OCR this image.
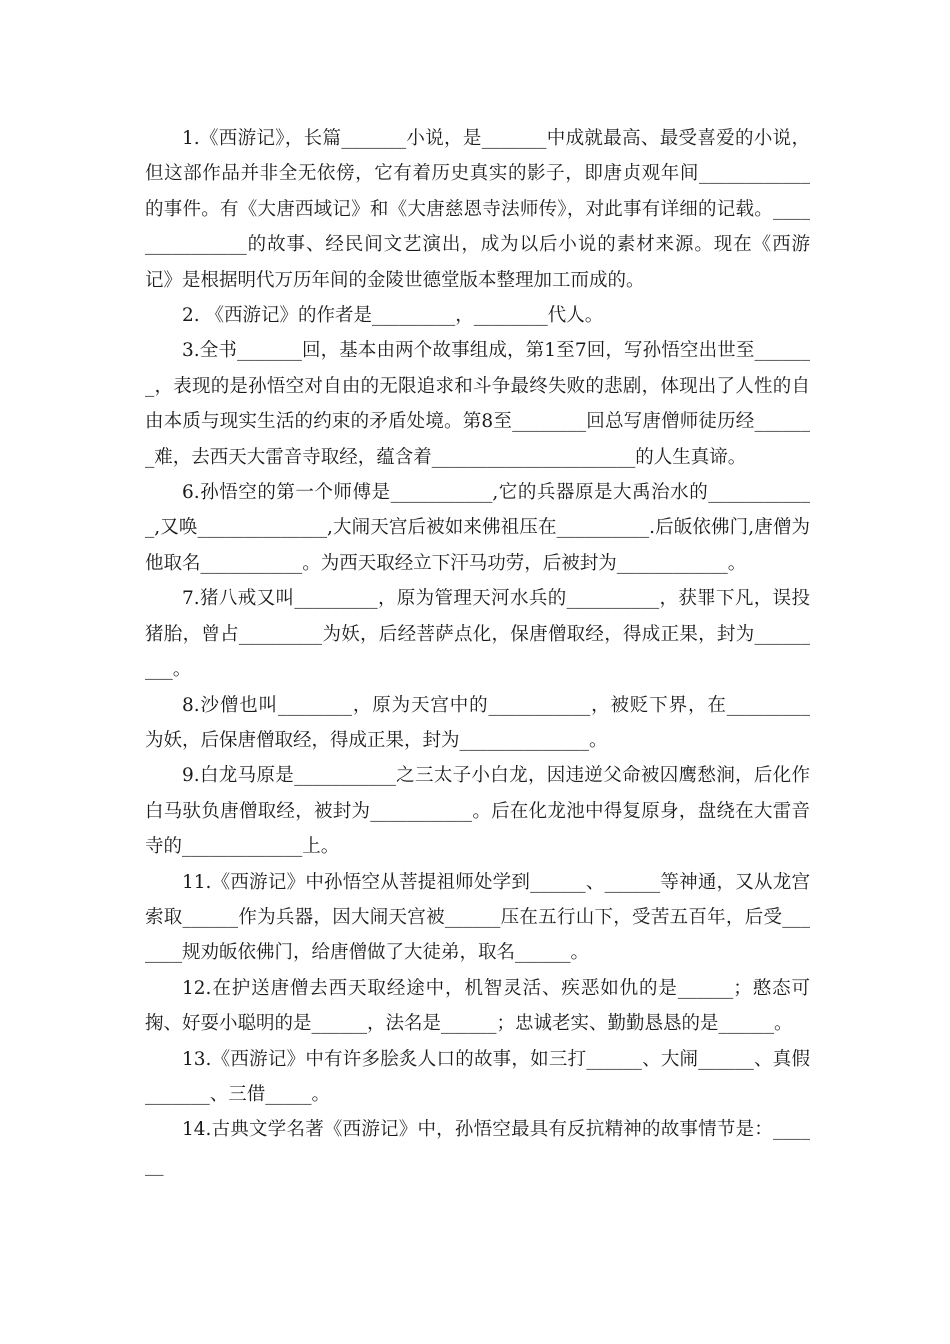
1.《西游记》，长篇_______小说，是_______中成就最高、最受喜爱的小说，但这部作品并非全无依傍，它有着历史真实的影子，即唐贞观年间____________的事件。有《大唐西域记》和《大唐慈恩寺法师传》，对此事有详细的记载。_______________的故事、经民间文艺演出，成为以后小说的素材来源。现在《西游记》是根据明代万历年间的金陵世德堂版本整理加工而成的。

2. 《西游记》的作者是_________，________代人。

3.全书_______回，基本由两个故事组成，第1至7回，写孙悟空出世至_______，表现的是孙悟空对自由的无限追求和斗争最终失败的悲剧，体现出了人性的自由本质与现实生活的约束的矛盾处境。第8至________回总写唐僧师徒历经_______难，去西天大雷音寺取经，蕴含着______________________的人生真谛。

6.孙悟空的第一个师傅是___________,它的兵器原是大禹治水的____________,又唤______________,大闹天宫后被如来佛祖压在__________.后皈依佛门,唐僧为他取名___________。为西天取经立下汗马功劳，后被封为____________。

7.猪八戒又叫_________，原为管理天河水兵的__________，获罪下凡，误投猪胎，曾占_________为妖，后经菩萨点化，保唐僧取经，得成正果，封为_________。

8.沙僧也叫________，原为天宫中的___________，被贬下界，在_________为妖，后保唐僧取经，得成正果，封为______________。

9.白龙马原是___________之三太子小白龙，因违逆父命被囚鹰愁涧，后化作白马驮负唐僧取经，被封为___________。后在化龙池中得复原身，盘绕在大雷音寺的_____________上。

11.《西游记》中孙悟空从菩提祖师处学到______、______等神通，又从龙宫索取______作为兵器，因大闹天宫被______压在五行山下，受苦五百年，后受_______规劝皈依佛门，给唐僧做了大徒弟，取名______。

12.在护送唐僧去西天取经途中，机智灵活、疾恶如仇的是______；憨态可掬、好耍小聪明的是______，法名是______；忠诚老实、勤勤恳恳的是______。

13.《西游记》中有许多脍炙人口的故事，如三打______、大闹______、真假_______、三借_____。

14.古典文学名著《西游记》中，孙悟空最具有反抗精神的故事情节是：______
